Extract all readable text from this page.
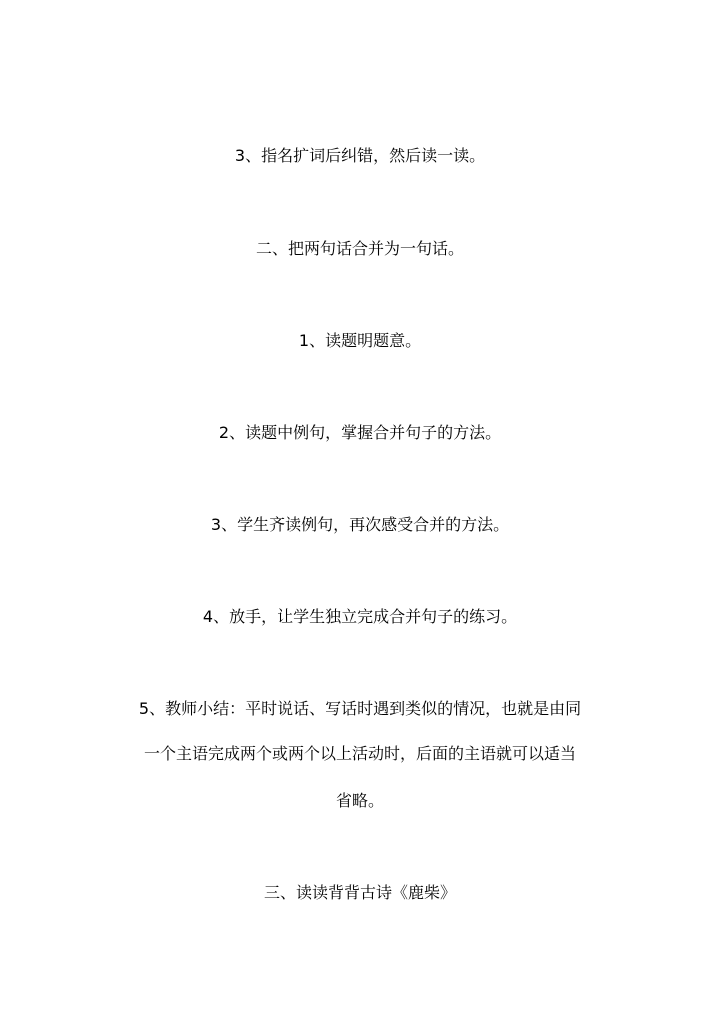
3、指名扩词后纠错，然后读一读。
二、把两句话合并为一句话。
1、读题明题意。
2、读题中例句，掌握合并句子的方法。
3、学生齐读例句，再次感受合并的方法。
4、放手，让学生独立完成合并句子的练习。
5、教师小结：平时说话、写话时遇到类似的情况，也就是由同
一个主语完成两个或两个以上活动时，后面的主语就可以适当
省略。
三、读读背背古诗《鹿柴》
